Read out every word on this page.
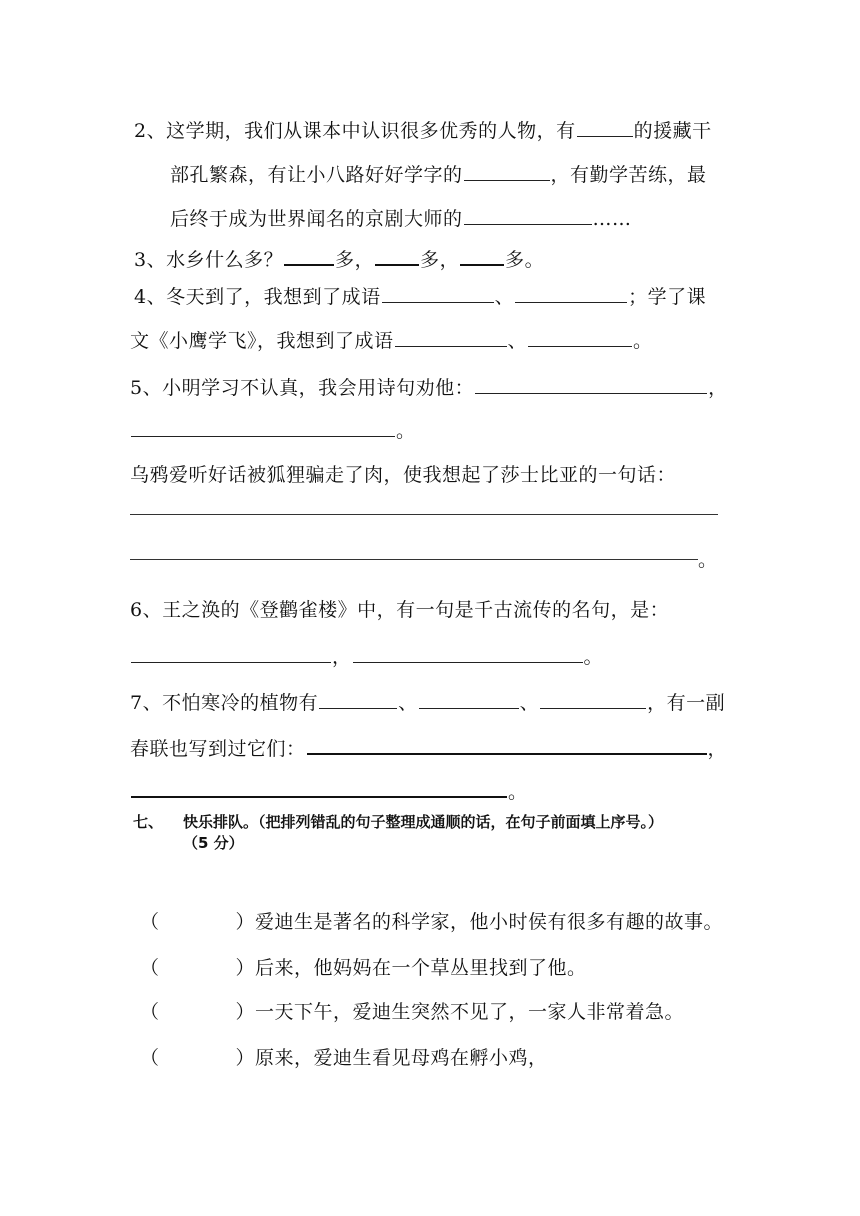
2、这学期，我们从课本中认识很多优秀的人物，有	的援藏干
部孔繁森，有让小八路好好学字的	，有勤学苦练，最
后终于成为世界闻名的京剧大师的	……
3、水乡什么多？	多， 多， 多。
4、冬天到了，我想到了成语	、	；学了课
文《小鹰学飞》，我想到了成语	、	。
5、小明学习不认真，我会用诗句劝他：	，
。
乌鸦爱听好话被狐狸骗走了肉，使我想起了莎士比亚的一句话：
。
6、王之涣的《登鹳雀楼》中，有一句是千古流传的名句，是：
，	。
7、不怕寒冷的植物有	、	、	，有一副
春联也写到过它们：	，
。
七、 快乐排队。（把排列错乱的句子整理成通顺的话，在句子前面填上序号。）
（5 分）
（	）爱迪生是著名的科学家，他小时侯有很多有趣的故事。
（	）后来，他妈妈在一个草丛里找到了他。
（	）一天下午，爱迪生突然不见了，一家人非常着急。
（	）原来，爱迪生看见母鸡在孵小鸡，
